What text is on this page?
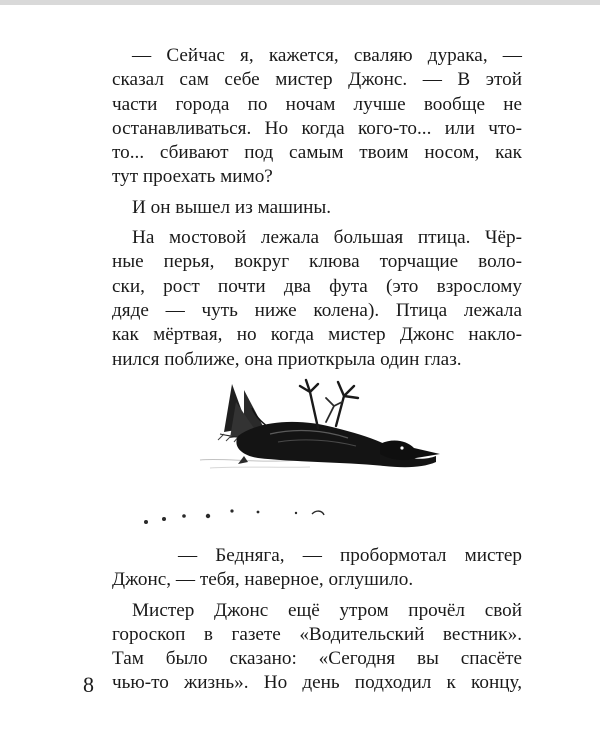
— Сейчас я, кажется, сваляю дурака, —

сказал сам себе мистер Джонс. — В этой

части города по ночам лучше вообще не

останавливаться. Но когда кого-то... или что-

то... сбивают под самым твоим носом, как

тут проехать мимо?

И он вышел из машины.

На мостовой лежала большая птица. Чёр-

ные перья, вокруг клюва торчащие воло-

ски, рост почти два фута (это взрослому

дяде — чуть ниже колена). Птица лежала

как мёртвая, но когда мистер Джонс накло-

нился поближе, она приоткрыла один глаз.

— Бедняга, — пробормотал мистер

Джонс, — тебя, наверное, оглушило.

Мистер Джонс ещё утром прочёл свой

гороскоп в газете «Водительский вестник».

Там было сказано: «Сегодня вы спасёте

чью-то жизнь». Но день подходил к концу,

8
